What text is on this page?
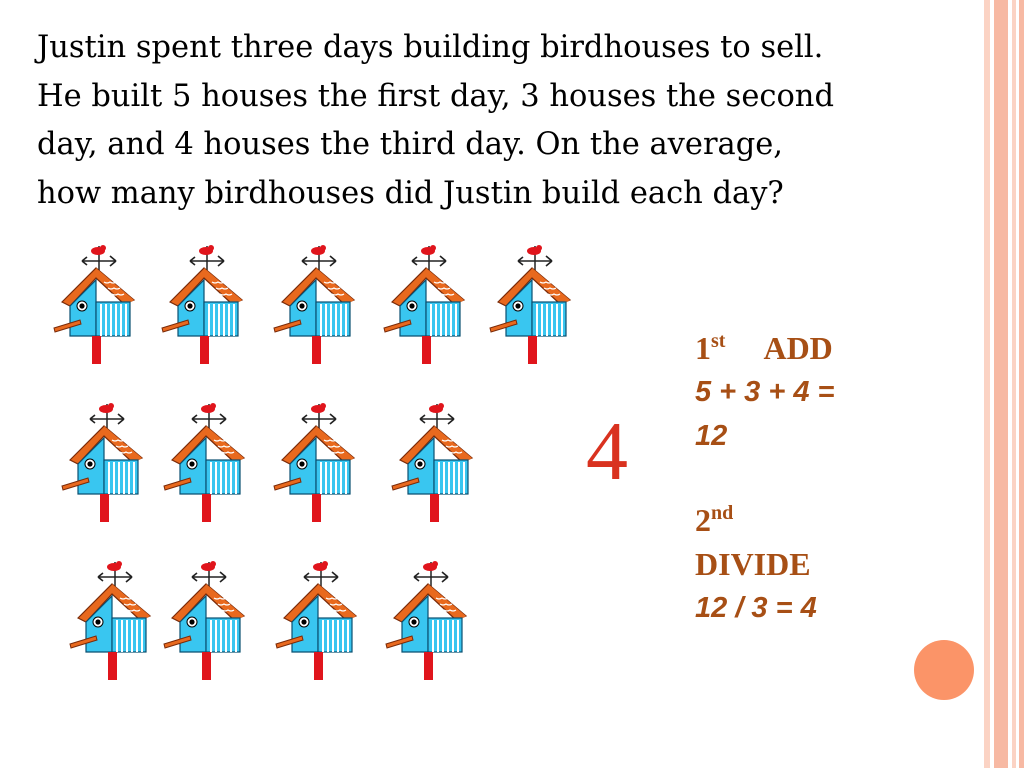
Justin spent three days building birdhouses to sell.
He built 5 houses the first day, 3 houses the second
day, and 4 houses the third day. On the average,
how many birdhouses did Justin build each day?

4
1st ADD
5 + 3 + 4 =
12
2nd
DIVIDE
12 / 3 = 4
